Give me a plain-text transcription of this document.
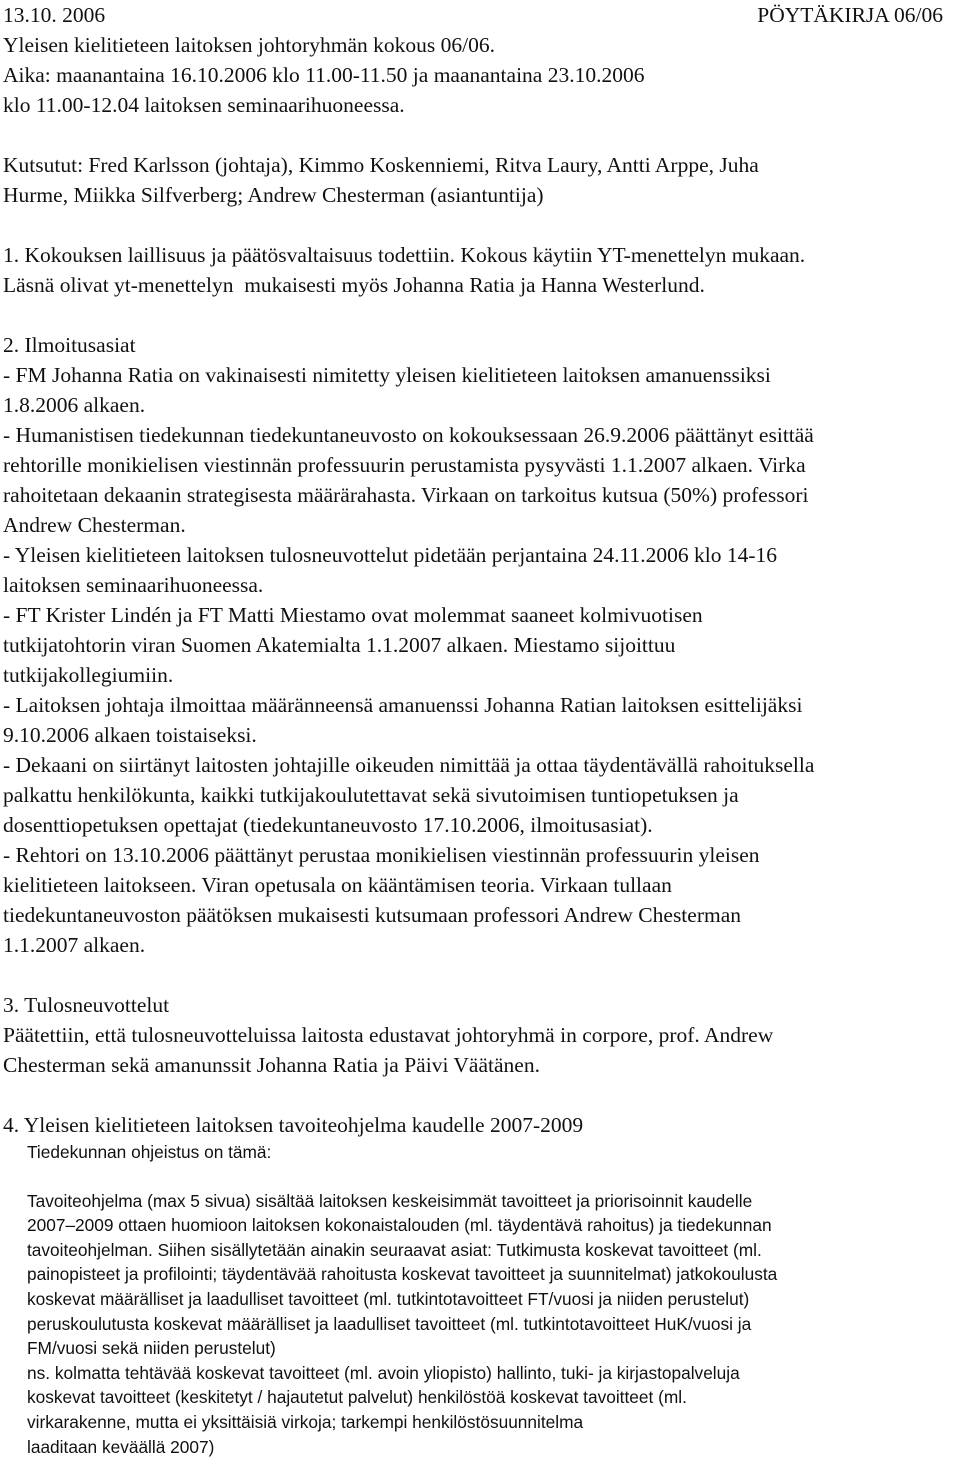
13.10. 2006	PÖYTÄKIRJA 06/06
Yleisen kielitieteen laitoksen johtoryhmän kokous 06/06.
Aika: maanantaina 16.10.2006 klo 11.00-11.50 ja maanantaina 23.10.2006
klo 11.00-12.04 laitoksen seminaarihuoneessa.
Kutsutut: Fred Karlsson (johtaja), Kimmo Koskenniemi, Ritva Laury, Antti Arppe, Juha
Hurme, Miikka Silfverberg; Andrew Chesterman (asiantuntija)
1. Kokouksen laillisuus ja päätösvaltaisuus todettiin. Kokous käytiin YT-menettelyn mukaan.
Läsnä olivat yt-menettelyn  mukaisesti myös Johanna Ratia ja Hanna Westerlund.
2. Ilmoitusasiat
- FM Johanna Ratia on vakinaisesti nimitetty yleisen kielitieteen laitoksen amanuenssiksi
1.8.2006 alkaen.
- Humanistisen tiedekunnan tiedekuntaneuvosto on kokouksessaan 26.9.2006 päättänyt esittää
rehtorille monikielisen viestinnän professuurin perustamista pysyvästi 1.1.2007 alkaen. Virka
rahoitetaan dekaanin strategisesta määrärahasta. Virkaan on tarkoitus kutsua (50%) professori
Andrew Chesterman.
- Yleisen kielitieteen laitoksen tulosneuvottelut pidetään perjantaina 24.11.2006 klo 14-16
laitoksen seminaarihuoneessa.
- FT Krister Lindén ja FT Matti Miestamo ovat molemmat saaneet kolmivuotisen
tutkijatohtorin viran Suomen Akatemialta 1.1.2007 alkaen. Miestamo sijoittuu
tutkijakollegiumiin.
- Laitoksen johtaja ilmoittaa määränneensä amanuenssi Johanna Ratian laitoksen esittelijäksi
9.10.2006 alkaen toistaiseksi.
- Dekaani on siirtänyt laitosten johtajille oikeuden nimittää ja ottaa täydentävällä rahoituksella
palkattu henkilökunta, kaikki tutkijakoulutettavat sekä sivutoimisen tuntiopetuksen ja
dosenttiopetuksen opettajat (tiedekuntaneuvosto 17.10.2006, ilmoitusasiat).
- Rehtori on 13.10.2006 päättänyt perustaa monikielisen viestinnän professuurin yleisen
kielitieteen laitokseen. Viran opetusala on kääntämisen teoria. Virkaan tullaan
tiedekuntaneuvoston päätöksen mukaisesti kutsumaan professori Andrew Chesterman
1.1.2007 alkaen.
3. Tulosneuvottelut
Päätettiin, että tulosneuvotteluissa laitosta edustavat johtoryhmä in corpore, prof. Andrew
Chesterman sekä amanunssit Johanna Ratia ja Päivi Väätänen.
4. Yleisen kielitieteen laitoksen tavoiteohjelma kaudelle 2007-2009
Tiedekunnan ohjeistus on tämä:
Tavoiteohjelma (max 5 sivua) sisältää laitoksen keskeisimmät tavoitteet ja priorisoinnit kaudelle
2007–2009 ottaen huomioon laitoksen kokonaistalouden (ml. täydentävä rahoitus) ja tiedekunnan
tavoiteohjelman. Siihen sisällytetään ainakin seuraavat asiat: Tutkimusta koskevat tavoitteet (ml.
painopisteet ja profilointi; täydentävää rahoitusta koskevat tavoitteet ja suunnitelmat) jatkokoulusta
koskevat määrälliset ja laadulliset tavoitteet (ml. tutkintotavoitteet FT/vuosi ja niiden perustelut)
peruskoulutusta koskevat määrälliset ja laadulliset tavoitteet (ml. tutkintotavoitteet HuK/vuosi ja
FM/vuosi sekä niiden perustelut)
ns. kolmatta tehtävää koskevat tavoitteet (ml. avoin yliopisto) hallinto, tuki- ja kirjastopalveluja
koskevat tavoitteet (keskitetyt / hajautetut palvelut) henkilöstöä koskevat tavoitteet (ml.
virkarakenne, mutta ei yksittäisiä virkoja; tarkempi henkilöstösuunnitelma
laaditaan keväällä 2007)
